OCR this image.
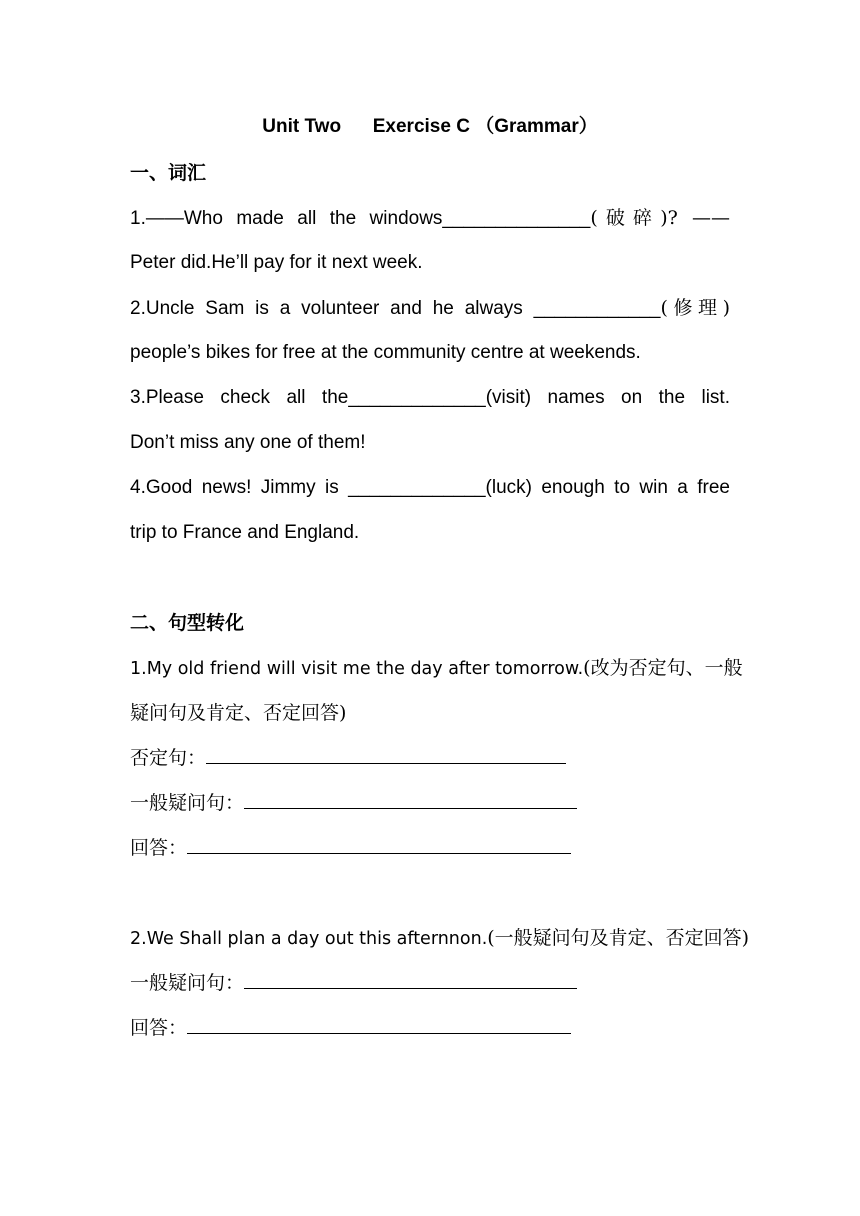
Unit Two Exercise C （Grammar）
一、词汇
1.——Who made all the windows______________(破碎)? ——
Peter did.He’ll pay for it next week.
2.Uncle Sam is a volunteer and he always ____________(修理)
people’s bikes for free at the community centre at weekends.
3.Please check all the_____________(visit) names on the list.
Don’t miss any one of them!
4.Good news! Jimmy is _____________(luck) enough to win a free
trip to France and England.
二、句型转化
1.My old friend will visit me the day after tomorrow.(改为否定句、一般
疑问句及肯定、否定回答)
否定句：
一般疑问句：
回答：
2.We Shall plan a day out this afternnon.(一般疑问句及肯定、否定回答)
一般疑问句：
回答：
